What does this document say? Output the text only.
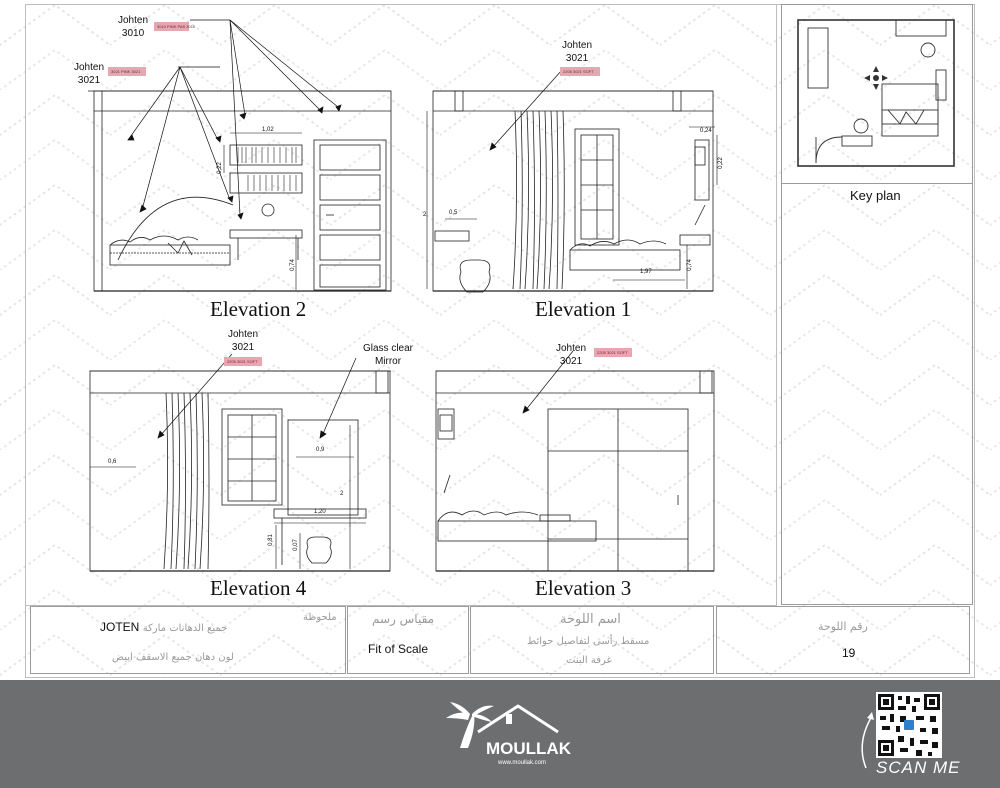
Johten
3010
3010 PINK PAS 3010
Johten
3021
3021 PINK 3021
1,02
0,22
0,74
Elevation 2
Johten
3021
2205 3021 SOFT
0,24
0,22
0,5
2
0,74
1,97
Elevation 1
Johten
3021
2205 3021 SOFT
Glass clear
Mirror
0,6
0,9
2
1,20
0,81	0,07
Elevation 4
Johten
3021
2205 3021 SOFT
Elevation 3
Key plan
ملحوظة
JOTEN جميع الدهانات ماركة
لون دهان جميع الاسقف ابيض
مقياس رسم
Fit of Scale
اسم اللوحة
مسقط رأسى لتفاصيل حوائط
غرفة البنت
رقم اللوحة
19
MOULLAK
www.moullak.com	SCAN ME
